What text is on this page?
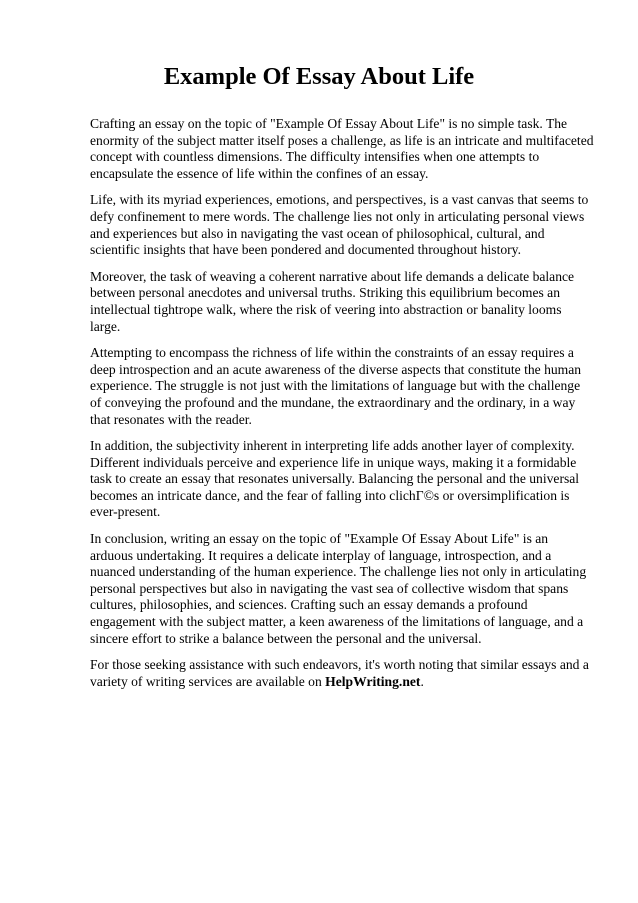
Example Of Essay About Life

Crafting an essay on the topic of "Example Of Essay About Life" is no simple task. The enormity of the subject matter itself poses a challenge, as life is an intricate and multifaceted concept with countless dimensions. The difficulty intensifies when one attempts to encapsulate the essence of life within the confines of an essay.

Life, with its myriad experiences, emotions, and perspectives, is a vast canvas that seems to defy confinement to mere words. The challenge lies not only in articulating personal views and experiences but also in navigating the vast ocean of philosophical, cultural, and scientific insights that have been pondered and documented throughout history.

Moreover, the task of weaving a coherent narrative about life demands a delicate balance between personal anecdotes and universal truths. Striking this equilibrium becomes an intellectual tightrope walk, where the risk of veering into abstraction or banality looms large.

Attempting to encompass the richness of life within the constraints of an essay requires a deep introspection and an acute awareness of the diverse aspects that constitute the human experience. The struggle is not just with the limitations of language but with the challenge of conveying the profound and the mundane, the extraordinary and the ordinary, in a way that resonates with the reader.

In addition, the subjectivity inherent in interpreting life adds another layer of complexity. Different individuals perceive and experience life in unique ways, making it a formidable task to create an essay that resonates universally. Balancing the personal and the universal becomes an intricate dance, and the fear of falling into clichГ©s or oversimplification is ever-present.

In conclusion, writing an essay on the topic of "Example Of Essay About Life" is an arduous undertaking. It requires a delicate interplay of language, introspection, and a nuanced understanding of the human experience. The challenge lies not only in articulating personal perspectives but also in navigating the vast sea of collective wisdom that spans cultures, philosophies, and sciences. Crafting such an essay demands a profound engagement with the subject matter, a keen awareness of the limitations of language, and a sincere effort to strike a balance between the personal and the universal.

For those seeking assistance with such endeavors, it's worth noting that similar essays and a variety of writing services are available on HelpWriting.net.
